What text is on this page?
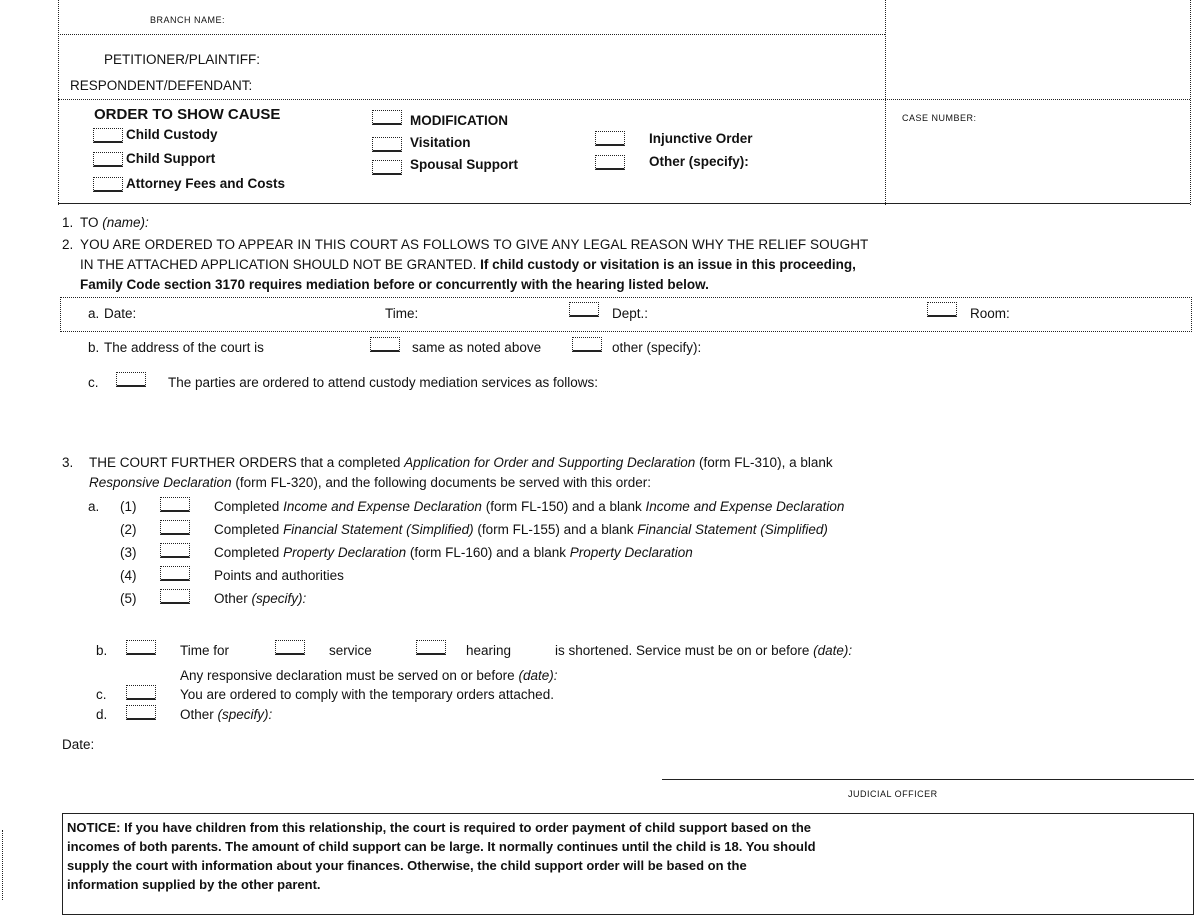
BRANCH NAME:
PETITIONER/PLAINTIFF:
RESPONDENT/DEFENDANT:
CASE NUMBER:
ORDER TO SHOW CAUSE
Child Custody
Child Support
Attorney Fees and Costs
MODIFICATION
Visitation
Spousal Support
Injunctive Order
Other (specify):
1. TO (name):
2. YOU ARE ORDERED TO APPEAR IN THIS COURT AS FOLLOWS TO GIVE ANY LEGAL REASON WHY THE RELIEF SOUGHT
IN THE ATTACHED APPLICATION SHOULD NOT BE GRANTED. If child custody or visitation is an issue in this proceeding,
Family Code section 3170 requires mediation before or concurrently with the hearing listed below.
a. Date:	Time:	Dept.:	Room:
b. The address of the court is	same as noted above	other (specify):
c.	The parties are ordered to attend custody mediation services as follows:
3. THE COURT FURTHER ORDERS that a completed Application for Order and Supporting Declaration (form FL-310), a blank
Responsive Declaration (form FL-320), and the following documents be served with this order:
a. (1)	Completed Income and Expense Declaration (form FL-150) and a blank Income and Expense Declaration
(2)	Completed Financial Statement (Simplified) (form FL-155) and a blank Financial Statement (Simplified)
(3)	Completed Property Declaration (form FL-160) and a blank Property Declaration
(4)	Points and authorities
(5)	Other (specify):
b.	Time for	service	hearing	is shortened. Service must be on or before (date):
Any responsive declaration must be served on or before (date):
c.	You are ordered to comply with the temporary orders attached.
d.	Other (specify):
Date:
JUDICIAL OFFICER
NOTICE: If you have children from this relationship, the court is required to order payment of child support based on the
incomes of both parents. The amount of child support can be large. It normally continues until the child is 18. You should
supply the court with information about your finances. Otherwise, the child support order will be based on the
information supplied by the other parent.
